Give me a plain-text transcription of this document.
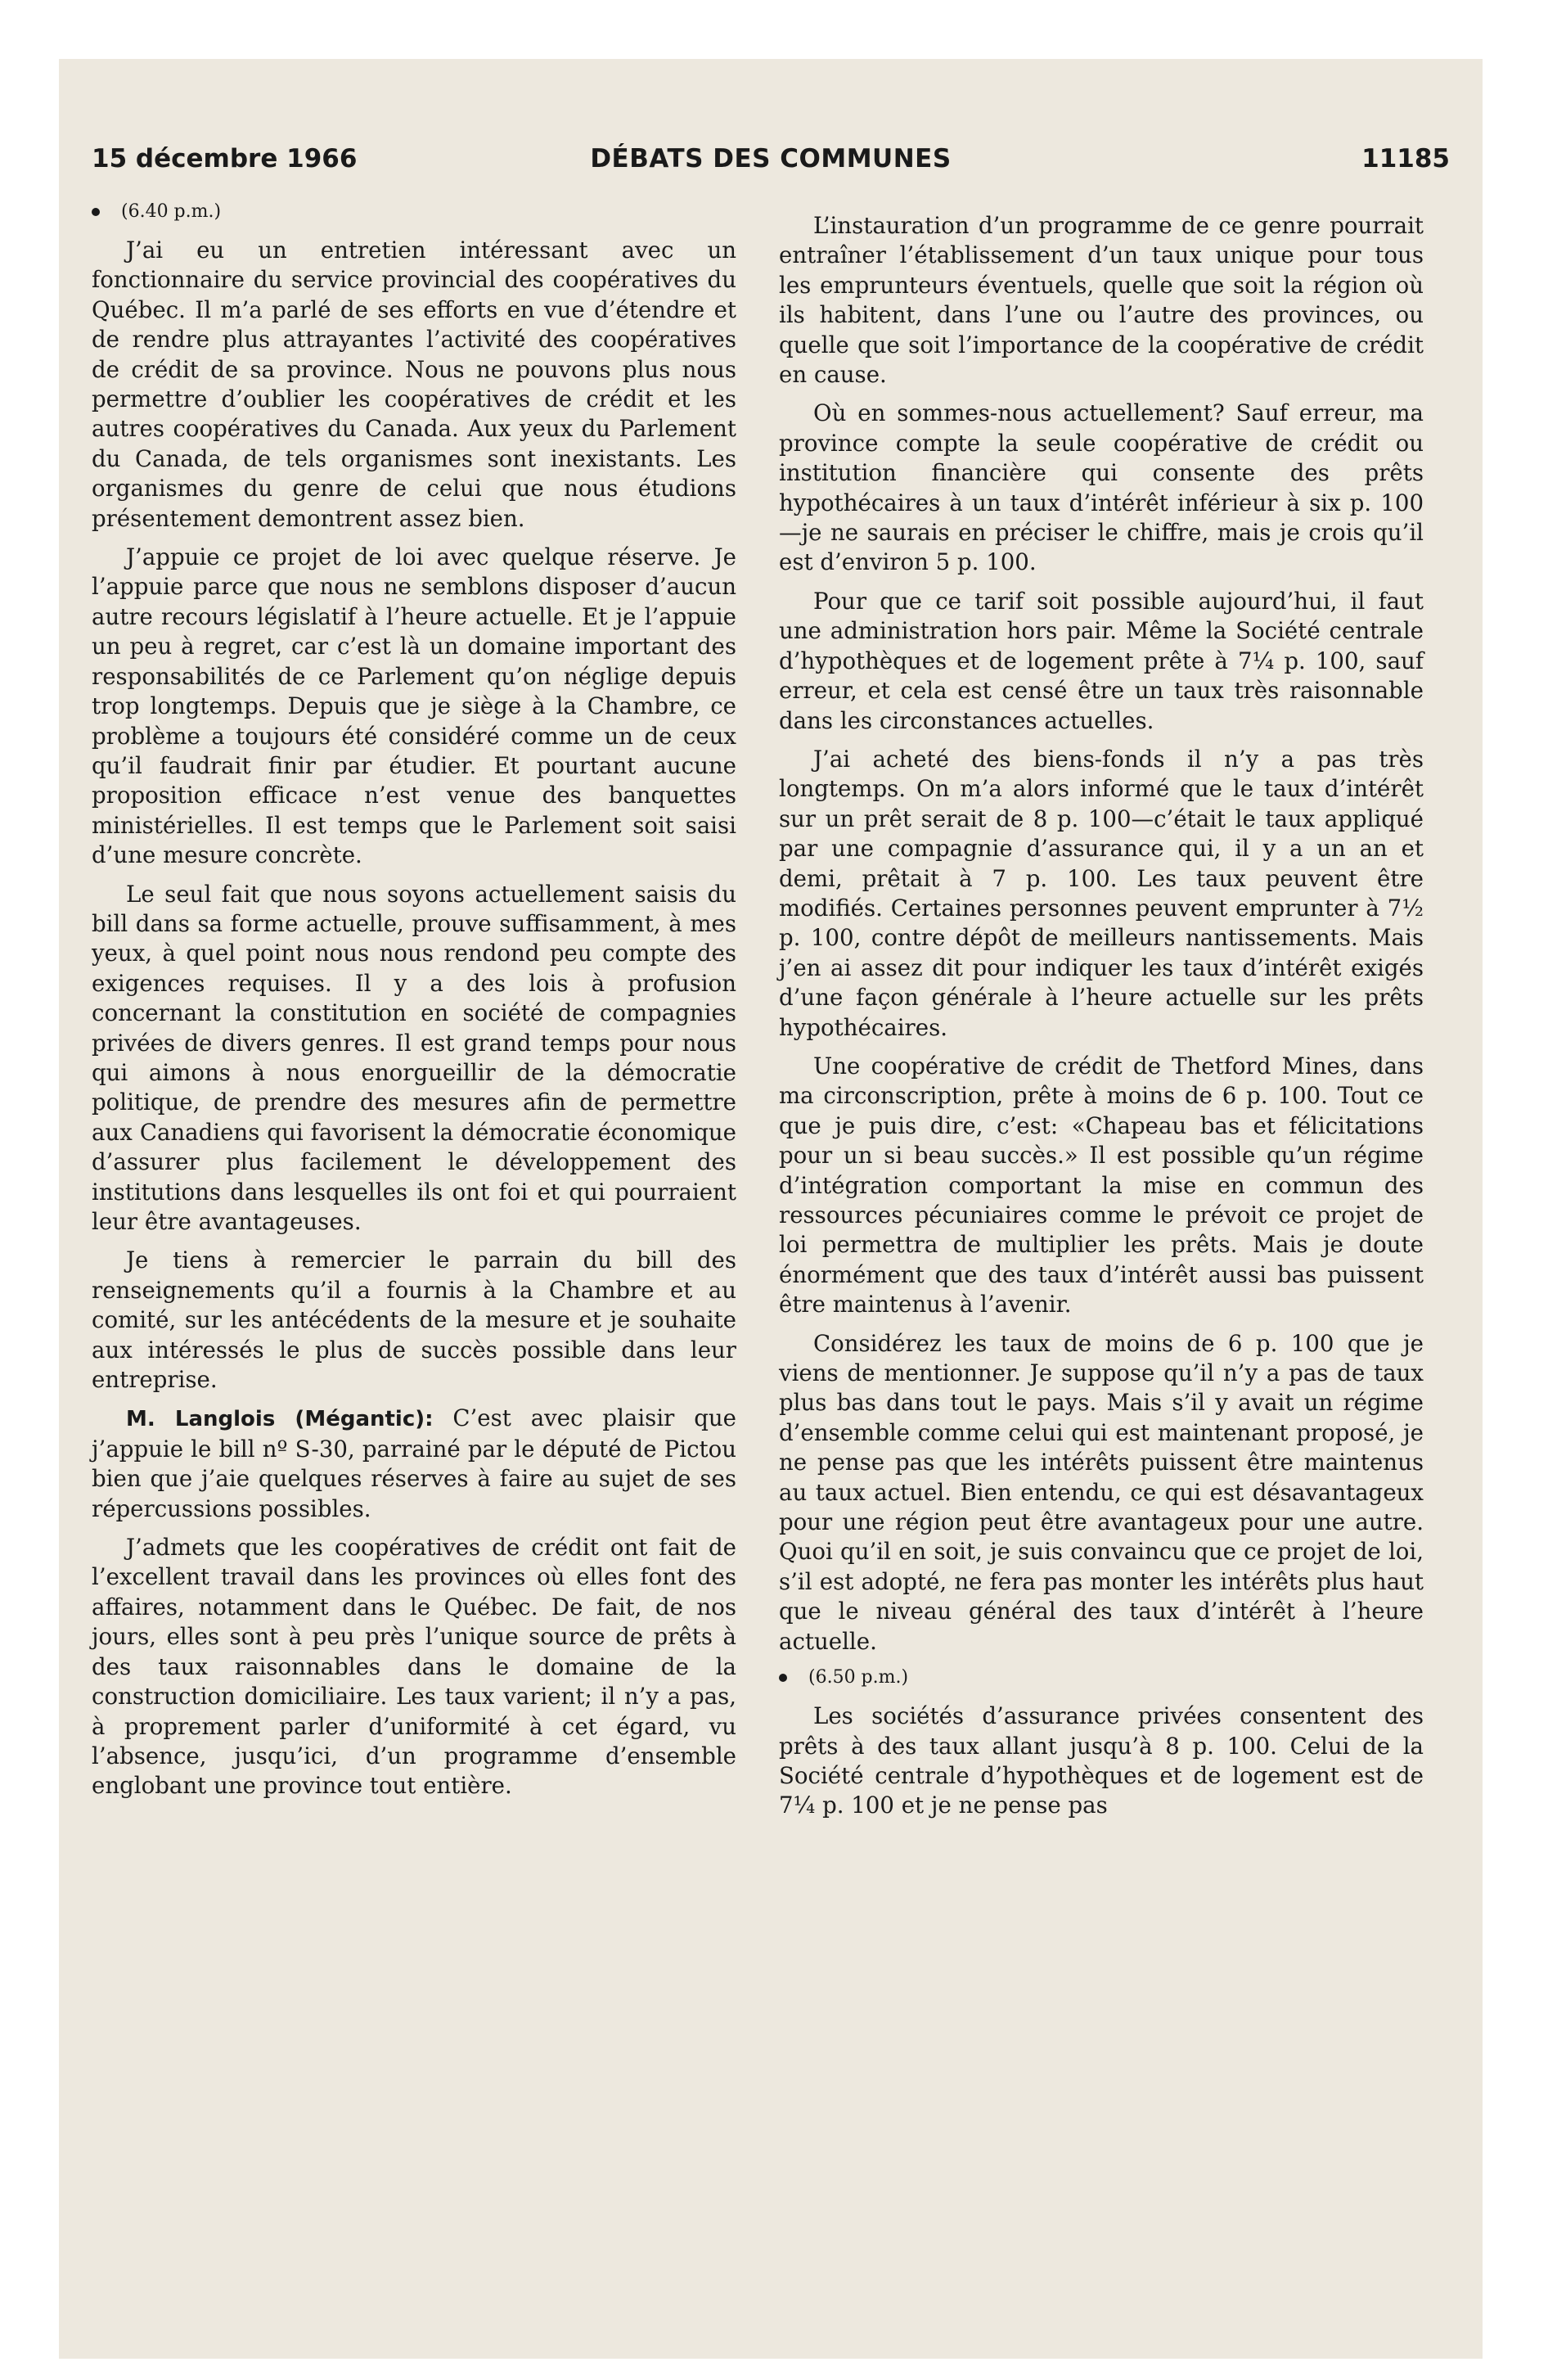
15 décembre 1966	DÉBATS DES COMMUNES	11185
(6.40 p.m.)

J’ai eu un entretien intéressant avec un fonctionnaire du service provincial des coopératives du Québec. Il m’a parlé de ses efforts en vue d’étendre et de rendre plus attrayantes l’activité des coopératives de crédit de sa province. Nous ne pouvons plus nous permettre d’oublier les coopératives de crédit et les autres coopératives du Canada. Aux yeux du Parlement du Canada, de tels organismes sont inexistants. Les organismes du genre de celui que nous étudions présentement demontrent assez bien.

J’appuie ce projet de loi avec quelque réserve. Je l’appuie parce que nous ne semblons disposer d’aucun autre recours législatif à l’heure actuelle. Et je l’appuie un peu à regret, car c’est là un domaine important des responsabilités de ce Parlement qu’on néglige depuis trop longtemps. Depuis que je siège à la Chambre, ce problème a toujours été considéré comme un de ceux qu’il faudrait finir par étudier. Et pourtant aucune proposition efficace n’est venue des banquettes ministérielles. Il est temps que le Parlement soit saisi d’une mesure concrète.

Le seul fait que nous soyons actuellement saisis du bill dans sa forme actuelle, prouve suffisamment, à mes yeux, à quel point nous nous rendond peu compte des exigences requises. Il y a des lois à profusion concernant la constitution en société de compagnies privées de divers genres. Il est grand temps pour nous qui aimons à nous enorgueillir de la démocratie politique, de prendre des mesures afin de permettre aux Canadiens qui favorisent la démocratie économique d’assurer plus facilement le développement des institutions dans lesquelles ils ont foi et qui pourraient leur être avantageuses.

Je tiens à remercier le parrain du bill des renseignements qu’il a fournis à la Chambre et au comité, sur les antécédents de la mesure et je souhaite aux intéressés le plus de succès possible dans leur entreprise.

M. Langlois (Mégantic): C’est avec plaisir que j’appuie le bill nº S-30, parrainé par le député de Pictou bien que j’aie quelques réserves à faire au sujet de ses répercussions possibles.

J’admets que les coopératives de crédit ont fait de l’excellent travail dans les provinces où elles font des affaires, notamment dans le Québec. De fait, de nos jours, elles sont à peu près l’unique source de prêts à des taux raisonnables dans le domaine de la construction domiciliaire. Les taux varient; il n’y a pas, à proprement parler d’uniformité à cet égard, vu l’absence, jusqu’ici, d’un programme d’ensemble englobant une province tout entière.

L’instauration d’un programme de ce genre pourrait entraîner l’établissement d’un taux unique pour tous les emprunteurs éventuels, quelle que soit la région où ils habitent, dans l’une ou l’autre des provinces, ou quelle que soit l’importance de la coopérative de crédit en cause.

Où en sommes-nous actuellement? Sauf erreur, ma province compte la seule coopérative de crédit ou institution financière qui consente des prêts hypothécaires à un taux d’intérêt inférieur à six p. 100—je ne saurais en préciser le chiffre, mais je crois qu’il est d’environ 5 p. 100.

Pour que ce tarif soit possible aujourd’hui, il faut une administration hors pair. Même la Société centrale d’hypothèques et de logement prête à 7¼ p. 100, sauf erreur, et cela est censé être un taux très raisonnable dans les circonstances actuelles.

J’ai acheté des biens-fonds il n’y a pas très longtemps. On m’a alors informé que le taux d’intérêt sur un prêt serait de 8 p. 100—c’était le taux appliqué par une compagnie d’assurance qui, il y a un an et demi, prêtait à 7 p. 100. Les taux peuvent être modifiés. Certaines personnes peuvent emprunter à 7½ p. 100, contre dépôt de meilleurs nantissements. Mais j’en ai assez dit pour indiquer les taux d’intérêt exigés d’une façon générale à l’heure actuelle sur les prêts hypothécaires.

Une coopérative de crédit de Thetford Mines, dans ma circonscription, prête à moins de 6 p. 100. Tout ce que je puis dire, c’est: «Chapeau bas et félicitations pour un si beau succès.» Il est possible qu’un régime d’intégration comportant la mise en commun des ressources pécuniaires comme le prévoit ce projet de loi permettra de multiplier les prêts. Mais je doute énormément que des taux d’intérêt aussi bas puissent être maintenus à l’avenir.

Considérez les taux de moins de 6 p. 100 que je viens de mentionner. Je suppose qu’il n’y a pas de taux plus bas dans tout le pays. Mais s’il y avait un régime d’ensemble comme celui qui est maintenant proposé, je ne pense pas que les intérêts puissent être maintenus au taux actuel. Bien entendu, ce qui est désavantageux pour une région peut être avantageux pour une autre. Quoi qu’il en soit, je suis convaincu que ce projet de loi, s’il est adopté, ne fera pas monter les intérêts plus haut que le niveau général des taux d’intérêt à l’heure actuelle.

(6.50 p.m.)

Les sociétés d’assurance privées consentent des prêts à des taux allant jusqu’à 8 p. 100. Celui de la Société centrale d’hypothèques et de logement est de 7¼ p. 100 et je ne pense pas
